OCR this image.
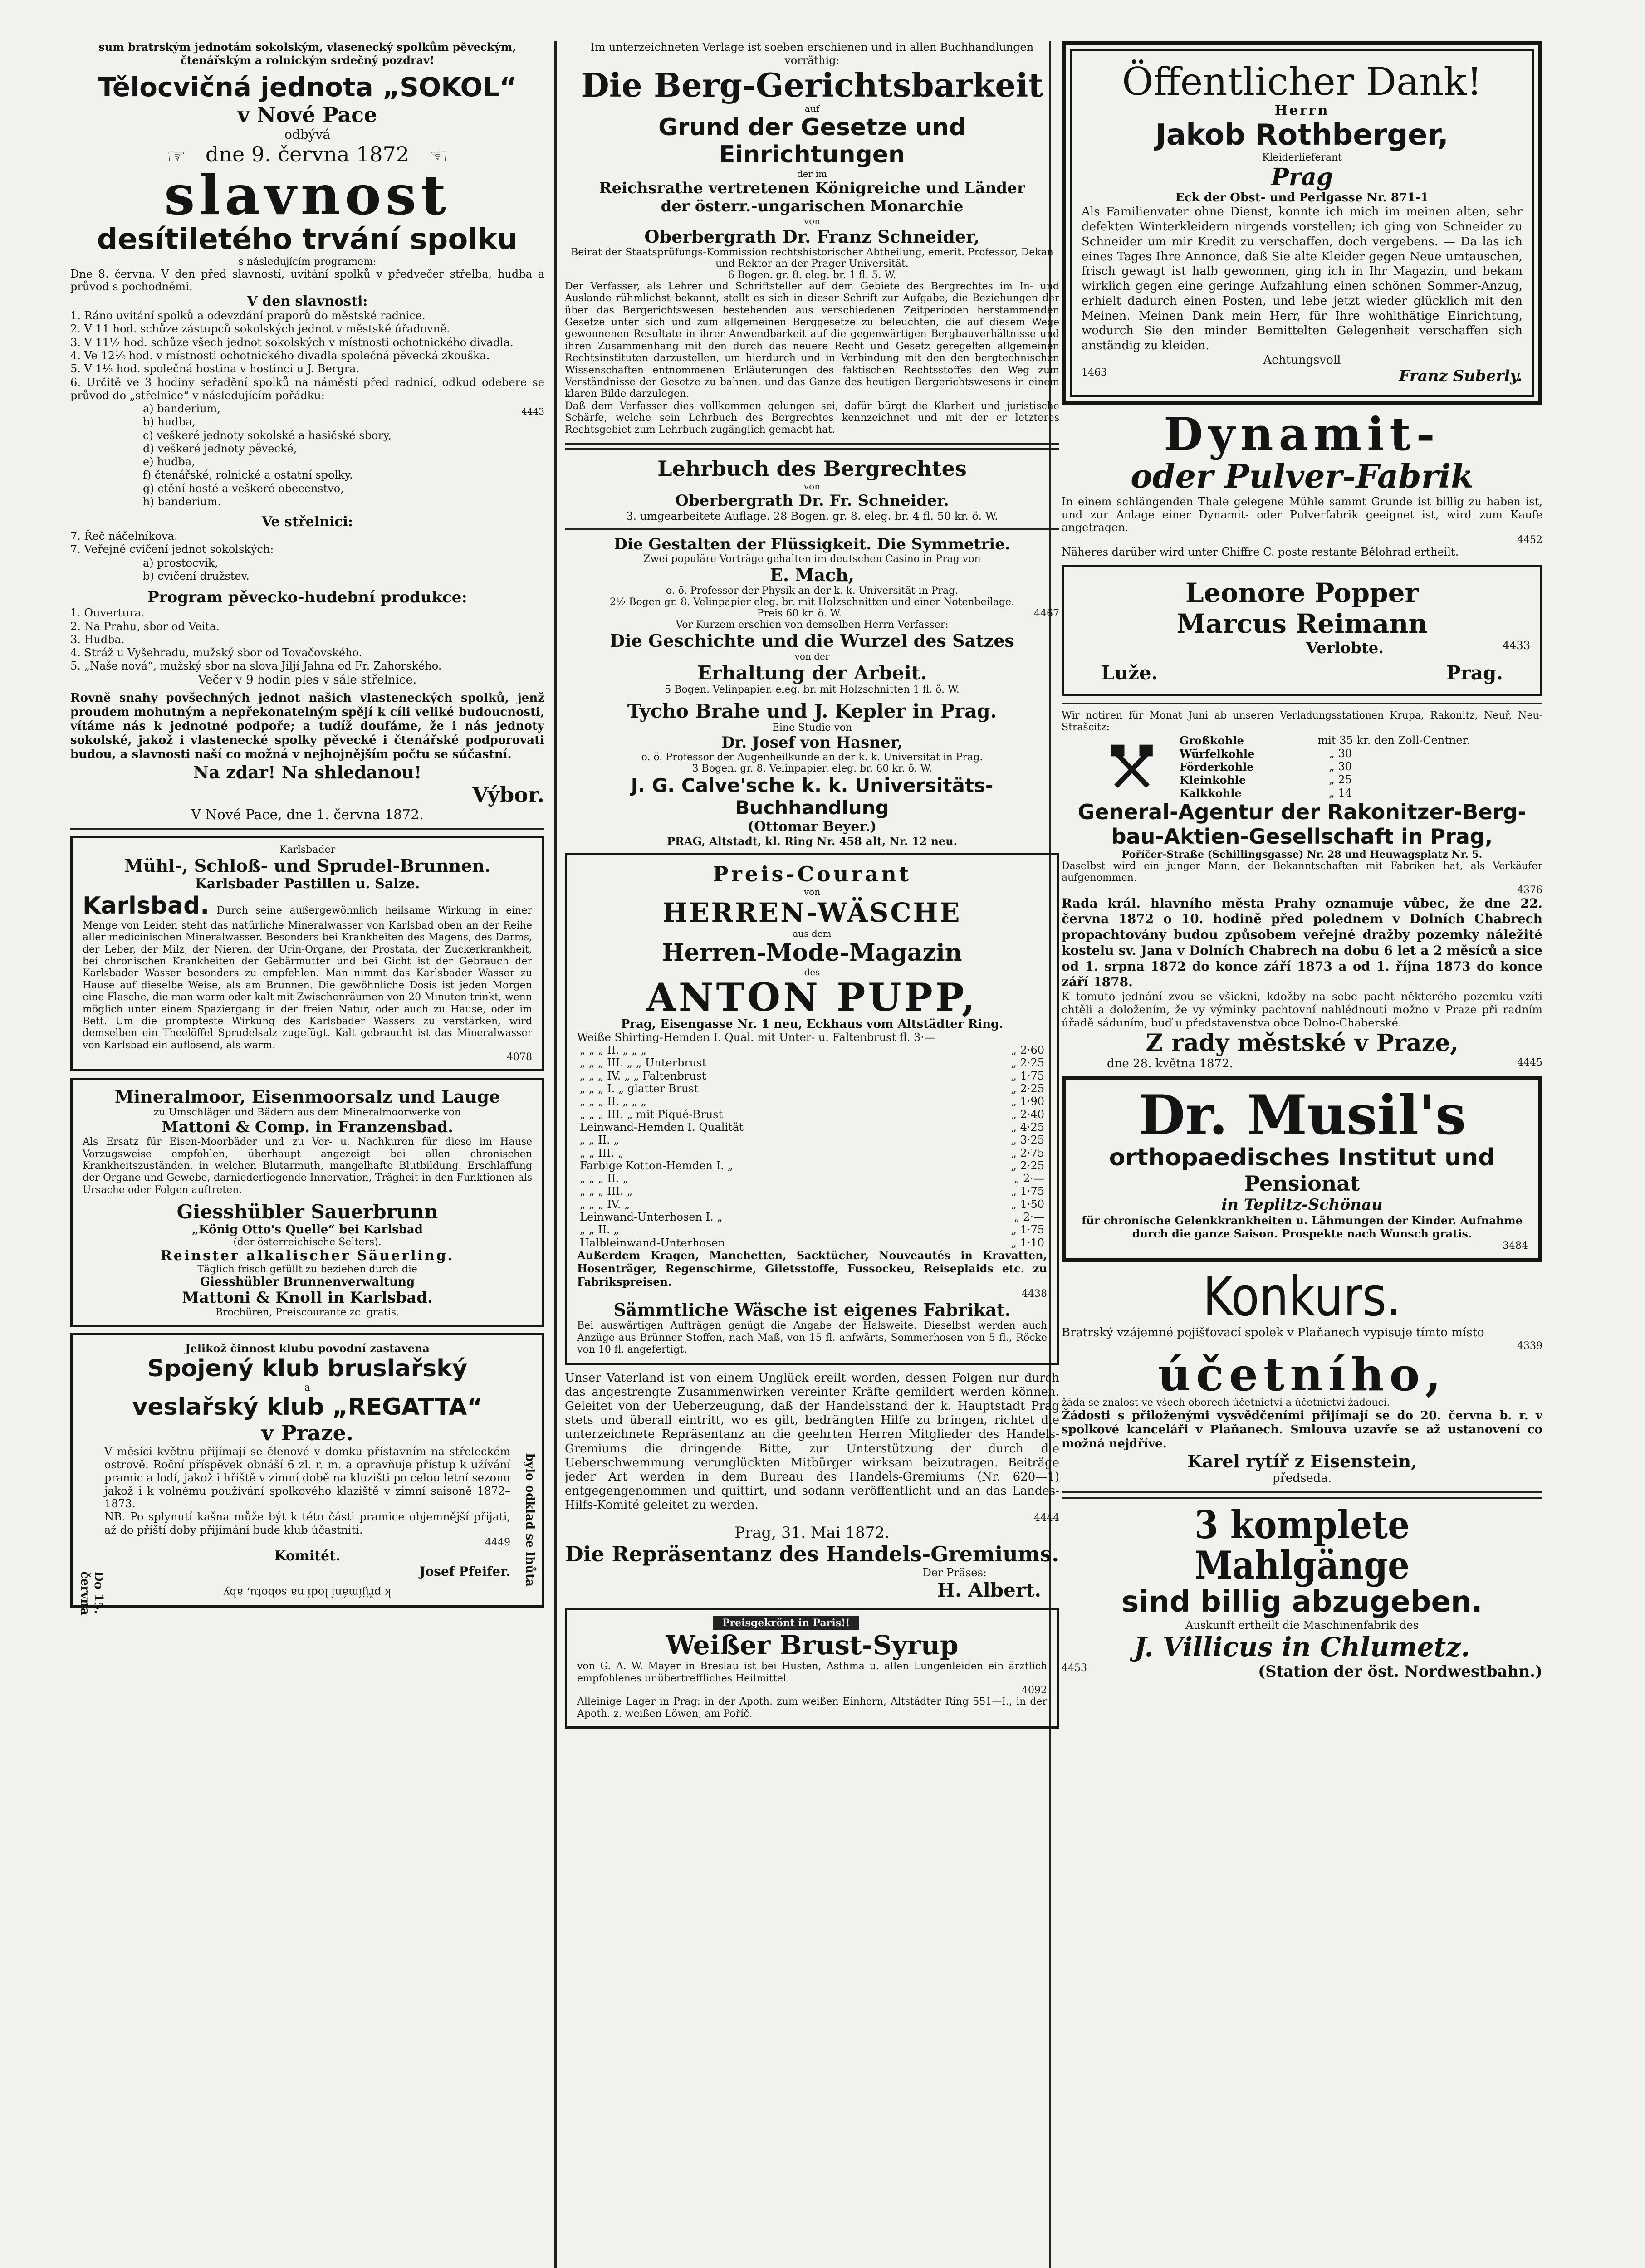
sum bratrským jednotám sokolským, vlasenecký spolkům pěveckým, čtenářským a rolnickým srdečný pozdrav!

Tělocvičná jednota „SOKOL“

v Nové Pace

odbývá

☞ dne 9. června 1872 ☜

slavnost

desítiletého trvání spolku

s následujícím programem:

Dne 8. června. V den před slavností, uvítání spolků v předvečer střelba, hudba a průvod s pochodněmi.

V den slavnosti:

1. Ráno uvítání spolků a odevzdání praporů do městské radnice.
2. V 11 hod. schůze zástupců sokolských jednot v městské úřadovně.
3. V 11½ hod. schůze všech jednot sokolských v místnosti ochotnického divadla.
4. Ve 12½ hod. v místnosti ochotnického divadla společná pěvecká zkouška.
5. V 1½ hod. společná hostina v hostinci u J. Bergra.
6. Určitě ve 3 hodiny seřadění spolků na náměstí před radnicí, odkud odebere se průvod do „střelnice“ v následujícím pořádku:
4443
a) banderium,
b) hudba,
c) veškeré jednoty sokolské a hasičské sbory,
d) veškeré jednoty pěvecké,
e) hudba,
f) čtenářské, rolnické a ostatní spolky.
g) ctění hosté a veškeré obecenstvo,
h) banderium.

Ve střelnici:

7. Řeč náčelníkova.
7. Veřejné cvičení jednot sokolských:
a) prostocvik,
b) cvičení družstev.

Program pěvecko-hudební produkce:

1. Ouvertura.
2. Na Prahu, sbor od Veita.
3. Hudba.
4. Stráž u Vyšehradu, mužský sbor od Tovačovského.
5. „Naše nová“, mužský sbor na slova Jiljí Jahna od Fr. Zahorského.

Večer v 9 hodin ples v sále střelnice.

Rovně snahy povšechných jednot našich vlasteneckých spolků, jenž proudem mohutným a nepřekonatelným spějí k cíli veliké budoucnosti, vítáme nás k jednotné podpoře; a tudíž doufáme, že i nás jednoty sokolské, jakož i vlastenecké spolky pěvecké i čtenářské podporovati budou, a slavnosti naší co možná v nejhojnějším počtu se súčastní.

Na zdar! Na shledanou!

Výbor.

V Nové Pace, dne 1. června 1872.

Karlsbader

Mühl-, Schloß- und Sprudel-Brunnen.

Karlsbader Pastillen u. Salze.

Karlsbad. Durch seine außergewöhnlich heilsame Wirkung in einer Menge von Leiden steht das natürliche Mineralwasser von Karlsbad oben an der Reihe aller medicinischen Mineralwasser. Besonders bei Krankheiten des Magens, des Darms, der Leber, der Milz, der Nieren, der Urin-Organe, der Prostata, der Zuckerkrankheit, bei chronischen Krankheiten der Gebärmutter und bei Gicht ist der Gebrauch der Karlsbader Wasser besonders zu empfehlen. Man nimmt das Karlsbader Wasser zu Hause auf dieselbe Weise, als am Brunnen. Die gewöhnliche Dosis ist jeden Morgen eine Flasche, die man warm oder kalt mit Zwischenräumen von 20 Minuten trinkt, wenn möglich unter einem Spaziergang in der freien Natur, oder auch zu Hause, oder im Bett. Um die prompteste Wirkung des Karlsbader Wassers zu verstärken, wird demselben ein Theelöffel Sprudelsalz zugefügt. Kalt gebraucht ist das Mineralwasser von Karlsbad ein auflösend, als warm.

4078

Mineralmoor, Eisenmoorsalz und Lauge

zu Umschlägen und Bädern aus dem Mineralmoorwerke von

Mattoni & Comp. in Franzensbad.

Als Ersatz für Eisen-Moorbäder und zu Vor- u. Nachkuren für diese im Hause Vorzugsweise empfohlen, überhaupt angezeigt bei allen chronischen Krankheitszuständen, in welchen Blutarmuth, mangelhafte Blutbildung. Erschlaffung der Organe und Gewebe, darniederliegende Innervation, Trägheit in den Funktionen als Ursache oder Folgen auftreten.

Giesshübler Sauerbrunn

„König Otto's Quelle“ bei Karlsbad

(der österreichische Selters).

Reinster alkalischer Säuerling.

Täglich frisch gefüllt zu beziehen durch die

Giesshübler Brunnenverwaltung

Mattoni & Knoll in Karlsbad.

Brochüren, Preiscourante zc. gratis.

Do 15. června
bylo odklad se lhůta

Jelikož činnost klubu povodní zastavena

Spojený klub bruslařský

a

veslařský klub „REGATTA“

v Praze.

V měsíci květnu přijímají se členové v domku přístavním na střeleckém ostrově. Roční příspěvek obnáší 6 zl. r. m. a opravňuje přístup k užívání pramic a lodí, jakož i hřiště v zimní době na kluzišti po celou letní sezonu jakož i k volnému používání spolkového klaziště v zimní saisoně 1872–1873.

NB. Po splynutí kašna může být k této části pramice objemnější přijati, až do příští doby přijímání bude klub účastniti.

4449

Komitét.

Josef Pfeifer.

k přijímání lodí na sobotu, aby

Im unterzeichneten Verlage ist soeben erschienen und in allen Buchhandlungen vorräthig:

Die Berg-Gerichtsbarkeit

auf

Grund der Gesetze und Einrichtungen

der im

Reichsrathe vertretenen Königreiche und Länder

der österr.-ungarischen Monarchie

von

Oberbergrath Dr. Franz Schneider,

Beirat der Staatsprüfungs-Kommission rechtshistorischer Abtheilung, emerit. Professor, Dekan und Rektor an der Prager Universität.

6 Bogen. gr. 8. eleg. br. 1 fl. 5. W.

Der Verfasser, als Lehrer und Schriftsteller auf dem Gebiete des Bergrechtes im In- und Auslande rühmlichst bekannt, stellt es sich in dieser Schrift zur Aufgabe, die Beziehungen der über das Bergerichtswesen bestehenden aus verschiedenen Zeitperioden herstammenden Gesetze unter sich und zum allgemeinen Berggesetze zu beleuchten, die auf diesem Wege gewonnenen Resultate in ihrer Anwendbarkeit auf die gegenwärtigen Bergbauverhältnisse und ihren Zusammenhang mit den durch das neuere Recht und Gesetz geregelten allgemeinen Rechtsinstituten darzustellen, um hierdurch und in Verbindung mit den den bergtechnischen Wissenschaften entnommenen Erläuterungen des faktischen Rechtsstoffes den Weg zum Verständnisse der Gesetze zu bahnen, und das Ganze des heutigen Bergerichtswesens in einem klaren Bilde darzulegen.

Daß dem Verfasser dies vollkommen gelungen sei, dafür bürgt die Klarheit und juristische Schärfe, welche sein Lehrbuch des Bergrechtes kennzeichnet und mit der er letzteres Rechtsgebiet zum Lehrbuch zugänglich gemacht hat.

Lehrbuch des Bergrechtes

von

Oberbergrath Dr. Fr. Schneider.

3. umgearbeitete Auflage. 28 Bogen. gr. 8. eleg. br. 4 fl. 50 kr. ö. W.

Die Gestalten der Flüssigkeit. Die Symmetrie.

Zwei populäre Vorträge gehalten im deutschen Casino in Prag von

E. Mach,

o. ö. Professor der Physik an der k. k. Universität in Prag.

2½ Bogen gr. 8. Velinpapier eleg. br. mit Holzschnitten und einer Notenbeilage.

Preis 60 kr. ö. W.	4467

Vor Kurzem erschien von demselben Herrn Verfasser:

Die Geschichte und die Wurzel des Satzes

von der

Erhaltung der Arbeit.

5 Bogen. Velinpapier. eleg. br. mit Holzschnitten 1 fl. ö. W.

Tycho Brahe und J. Kepler in Prag.

Eine Studie von

Dr. Josef von Hasner,

o. ö. Professor der Augenheilkunde an der k. k. Universität in Prag.

3 Bogen. gr. 8. Velinpapier. eleg. br. 60 kr. ö. W.

J. G. Calve'sche k. k. Universitäts-Buchhandlung

(Ottomar Beyer.)

PRAG, Altstadt, kl. Ring Nr. 458 alt, Nr. 12 neu.

Preis-Courant

von

HERREN-WÄSCHE

aus dem

Herren-Mode-Magazin

des

ANTON PUPP,

Prag, Eisengasse Nr. 1 neu, Eckhaus vom Altstädter Ring.

Weiße Shirting-Hemden I. Qual. mit Unter- u. Faltenbrust fl. 3·—

„ „ „ II. „ „ „	„ 2·60
„ „ „ III. „ „ Unterbrust	„ 2·25
„ „ „ IV. „ „ Faltenbrust	„ 1·75
„ „ „ I. „ glatter Brust	„ 2·25
„ „ „ II. „ „ „	„ 1·90
„ „ „ III. „ mit Piqué-Brust	„ 2·40
Leinwand-Hemden I. Qualität	„ 4·25
„ „ II. „	„ 3·25
„ „ III. „	„ 2·75
Farbige Kotton-Hemden I. „	„ 2·25
„ „ „ II. „	„ 2·—
„ „ „ III. „	„ 1·75
„ „ „ IV. „	„ 1·50
Leinwand-Unterhosen I. „	„ 2·—
„ „ II. „	„ 1·75
Halbleinwand-Unterhosen	„ 1·10

Außerdem Kragen, Manchetten, Sacktücher, Nouveautés in Kravatten, Hosenträger, Regenschirme, Giletsstoffe, Fussockeu, Reiseplaids etc. zu Fabrikspreisen.

4438

Sämmtliche Wäsche ist eigenes Fabrikat.

Bei auswärtigen Aufträgen genügt die Angabe der Halsweite. Dieselbst werden auch Anzüge aus Brünner Stoffen, nach Maß, von 15 fl. anfwärts, Sommerhosen von 5 fl., Röcke von 10 fl. angefertigt.

Unser Vaterland ist von einem Unglück ereilt worden, dessen Folgen nur durch das angestrengte Zusammenwirken vereinter Kräfte gemildert werden können. Geleitet von der Ueberzeugung, daß der Handelsstand der k. Hauptstadt Prag stets und überall eintritt, wo es gilt, bedrängten Hilfe zu bringen, richtet die unterzeichnete Repräsentanz an die geehrten Herren Mitglieder des Handels-Gremiums die dringende Bitte, zur Unterstützung der durch die Ueberschwemmung verunglückten Mitbürger wirksam beizutragen. Beiträge jeder Art werden in dem Bureau des Handels-Gremiums (Nr. 620—1) entgegengenommen und quittirt, und sodann veröffentlicht und an das Landes-Hilfs-Komité geleitet zu werden.

4444

Prag, 31. Mai 1872.

Die Repräsentanz des Handels-Gremiums.

Der Präses:

H. Albert.

Preisgekrönt in Paris!!

Weißer Brust-Syrup

von G. A. W. Mayer in Breslau ist bei Husten, Asthma u. allen Lungenleiden ein ärztlich empfohlenes unübertreffliches Heilmittel.

4092

Alleinige Lager in Prag: in der Apoth. zum weißen Einhorn, Altstädter Ring 551—I., in der Apoth. z. weißen Löwen, am Poříč.

Öffentlicher Dank!

Herrn

Jakob Rothberger,

Kleiderlieferant

Prag

Eck der Obst- und Perlgasse Nr. 871-1

Als Familienvater ohne Dienst, konnte ich mich im meinen alten, sehr defekten Winterkleidern nirgends vorstellen; ich ging von Schneider zu Schneider um mir Kredit zu verschaffen, doch vergebens. — Da las ich eines Tages Ihre Annonce, daß Sie alte Kleider gegen Neue umtauschen, frisch gewagt ist halb gewonnen, ging ich in Ihr Magazin, und bekam wirklich gegen eine geringe Aufzahlung einen schönen Sommer-Anzug, erhielt dadurch einen Posten, und lebe jetzt wieder glücklich mit den Meinen. Meinen Dank mein Herr, für Ihre wohlthätige Einrichtung, wodurch Sie den minder Bemittelten Gelegenheit verschaffen sich anständig zu kleiden.

Achtungsvoll

1463	Franz Suberly.

Dynamit-

oder Pulver-Fabrik

In einem schlängenden Thale gelegene Mühle sammt Grunde ist billig zu haben ist, und zur Anlage einer Dynamit- oder Pulverfabrik geeignet ist, wird zum Kaufe angetragen.

4452

Näheres darüber wird unter Chiffre C. poste restante Bělohrad ertheilt.

Leonore Popper

Marcus Reimann

Verlobte.	4433
Luže.	Prag.

Wir notiren für Monat Juni ab unseren Verladungsstationen Krupa, Rakonitz, Neuř, Neu-Strašcitz:

Großkohle	mit 35 kr. den Zoll-Centner.
Würfelkohle	„ 30
Förderkohle	„ 30
Kleinkohle	„ 25
Kalkkohle	„ 14

General-Agentur der Rakonitzer-Berg-

bau-Aktien-Gesellschaft in Prag,

Poříčer-Straße (Schillingsgasse) Nr. 28 und Heuwagsplatz Nr. 5.

Daselbst wird ein junger Mann, der Bekanntschaften mit Fabriken hat, als Verkäufer aufgenommen.

4376

Rada král. hlavního města Prahy oznamuje vůbec, že dne 22. června 1872 o 10. hodině před polednem v Dolních Chabrech propachtovány budou způsobem veřejné dražby pozemky náležité kostelu sv. Jana v Dolních Chabrech na dobu 6 let a 2 měsíců a sice od 1. srpna 1872 do konce září 1873 a od 1. října 1873 do konce září 1878.

K tomuto jednání zvou se všickni, kdožby na sebe pacht některého pozemku vzíti chtěli a doložením, že vy výminky pachtovní nahlédnouti možno v Praze při radním úřadě sáduním, buď u představenstva obce Dolno-Chaberské.

Z rady městské v Praze,

dne 28. května 1872.	4445

Dr. Musil's

orthopaedisches Institut und

Pensionat

in Teplitz-Schönau

für chronische Gelenkkrankheiten u. Lähmungen der Kinder. Aufnahme durch die ganze Saison. Prospekte nach Wunsch gratis.

3484

Konkurs.

Bratrský vzájemné pojišťovací spolek v Plaňanech vypisuje tímto místo

4339

účetního,

žádá se znalost ve všech oborech účetnictví a účetnictví žádoucí.

Žádosti s přiloženými vysvědčeními přijímají se do 20. června b. r. v spolkové kanceláři v Plaňanech. Smlouva uzavře se až ustanovení co možná nejdříve.

Karel rytíř z Eisenstein,

předseda.

3 komplete Mahlgänge

sind billig abzugeben.

Auskunft ertheilt die Maschinenfabrik des

J. Villicus in Chlumetz.

4453	(Station der öst. Nordwestbahn.)
